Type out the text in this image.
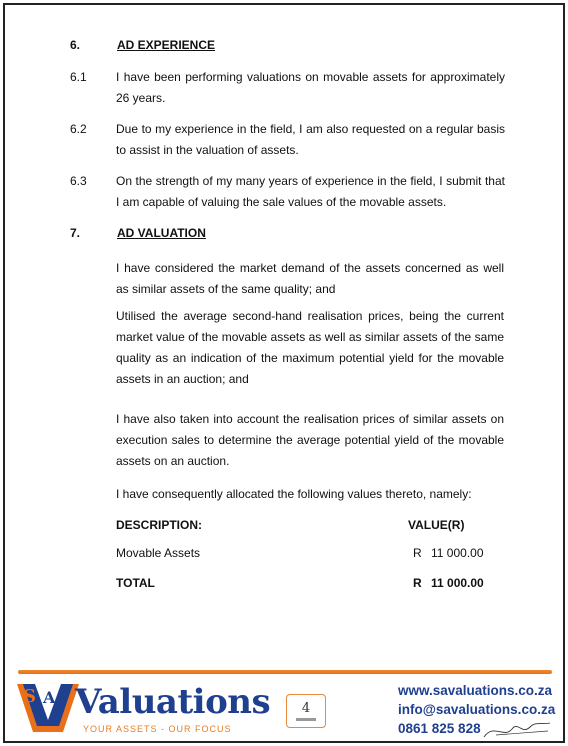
6.	AD EXPERIENCE
6.1 I have been performing valuations on movable assets for approximately 26 years.
6.2 Due to my experience in the field, I am also requested on a regular basis to assist in the valuation of assets.
6.3 On the strength of my many years of experience in the field, I submit that I am capable of valuing the sale values of the movable assets.
7.	AD VALUATION
I have considered the market demand of the assets concerned as well as similar assets of the same quality; and
Utilised the average second-hand realisation prices, being the current market value of the movable assets as well as similar assets of the same quality as an indication of the maximum potential yield for the movable assets in an auction; and
I have also taken into account the realisation prices of similar assets on execution sales to determine the average potential yield of the movable assets on an auction.
I have consequently allocated the following values thereto, namely:
DESCRIPTION:	VALUE(R)
Movable Assets	R 11 000.00
TOTAL	R 11 000.00
S A Valuations
YOUR ASSETS - OUR FOCUS
4
www.savaluations.co.za
info@savaluations.co.za
0861 825 828
